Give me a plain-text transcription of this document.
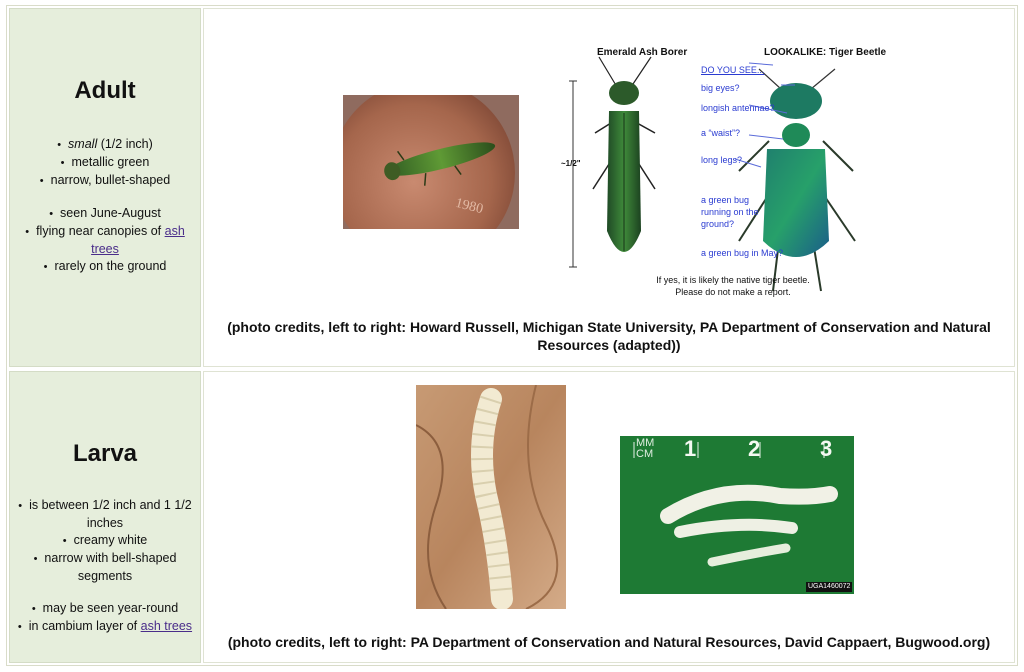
Adult
• small (1/2 inch)
• metallic green
• narrow, bullet-shaped
• seen June-August
• flying near canopies of ash trees
• rarely on the ground
1980
Emerald Ash Borer	LOOKALIKE: Tiger Beetle
~1/2"
DO YOU SEE...
big eyes?
longish antennae?
a “waist”?
long legs?
a green bug
running on the
ground?
a green bug in May?
If yes, it is likely the native tiger beetle.
Please do not make a report.
(photo credits, left to right: Howard Russell, Michigan State University, PA Department of Conservation and Natural
Resources (adapted))
Larva
• is between 1/2 inch and 1 1/2
inches
• creamy white
• narrow with bell-shaped
segments
• may be seen year-round
• in cambium layer of ash trees
MM
CM 1 2	3
UGA1460072
(photo credits, left to right: PA Department of Conservation and Natural Resources, David Cappaert, Bugwood.org)
